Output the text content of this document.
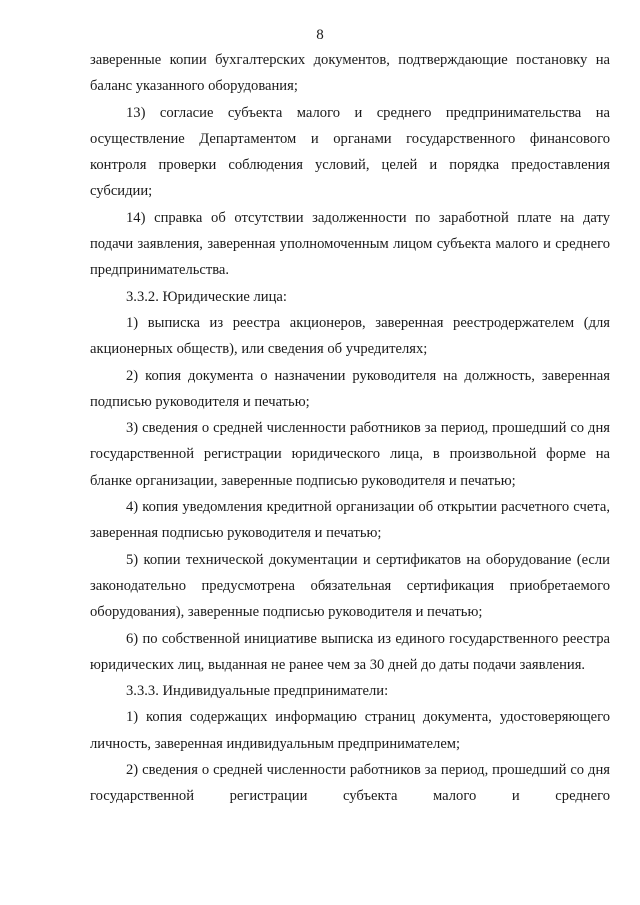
8

заверенные копии бухгалтерских документов, подтверждающие постановку на баланс указанного оборудования;

13) согласие субъекта малого и среднего предпринимательства на осуществление Департаментом и органами государственного финансового контроля проверки соблюдения условий, целей и порядка предоставления субсидии;

14) справка об отсутствии задолженности по заработной плате на дату подачи заявления, заверенная уполномоченным лицом субъекта малого и среднего предпринимательства.

3.3.2. Юридические лица:

1) выписка из реестра акционеров, заверенная реестродержателем (для акционерных обществ), или сведения об учредителях;

2) копия документа о назначении руководителя на должность, заверенная подписью руководителя и печатью;

3) сведения о средней численности работников за период, прошедший со дня государственной регистрации юридического лица, в произвольной форме на бланке организации, заверенные подписью руководителя и печатью;

4) копия уведомления кредитной организации об открытии расчетного счета, заверенная подписью руководителя и печатью;

5) копии технической документации и сертификатов на оборудование (если законодательно предусмотрена обязательная сертификация приобретаемого оборудования), заверенные подписью руководителя и печатью;

6) по собственной инициативе выписка из единого государственного реестра юридических лиц, выданная не ранее чем за 30 дней до даты подачи заявления.

3.3.3. Индивидуальные предприниматели:

1) копия содержащих информацию страниц документа, удостоверяющего личность, заверенная индивидуальным предпринимателем;

2) сведения о средней численности работников за период, прошедший со дня государственной регистрации субъекта малого и среднего
